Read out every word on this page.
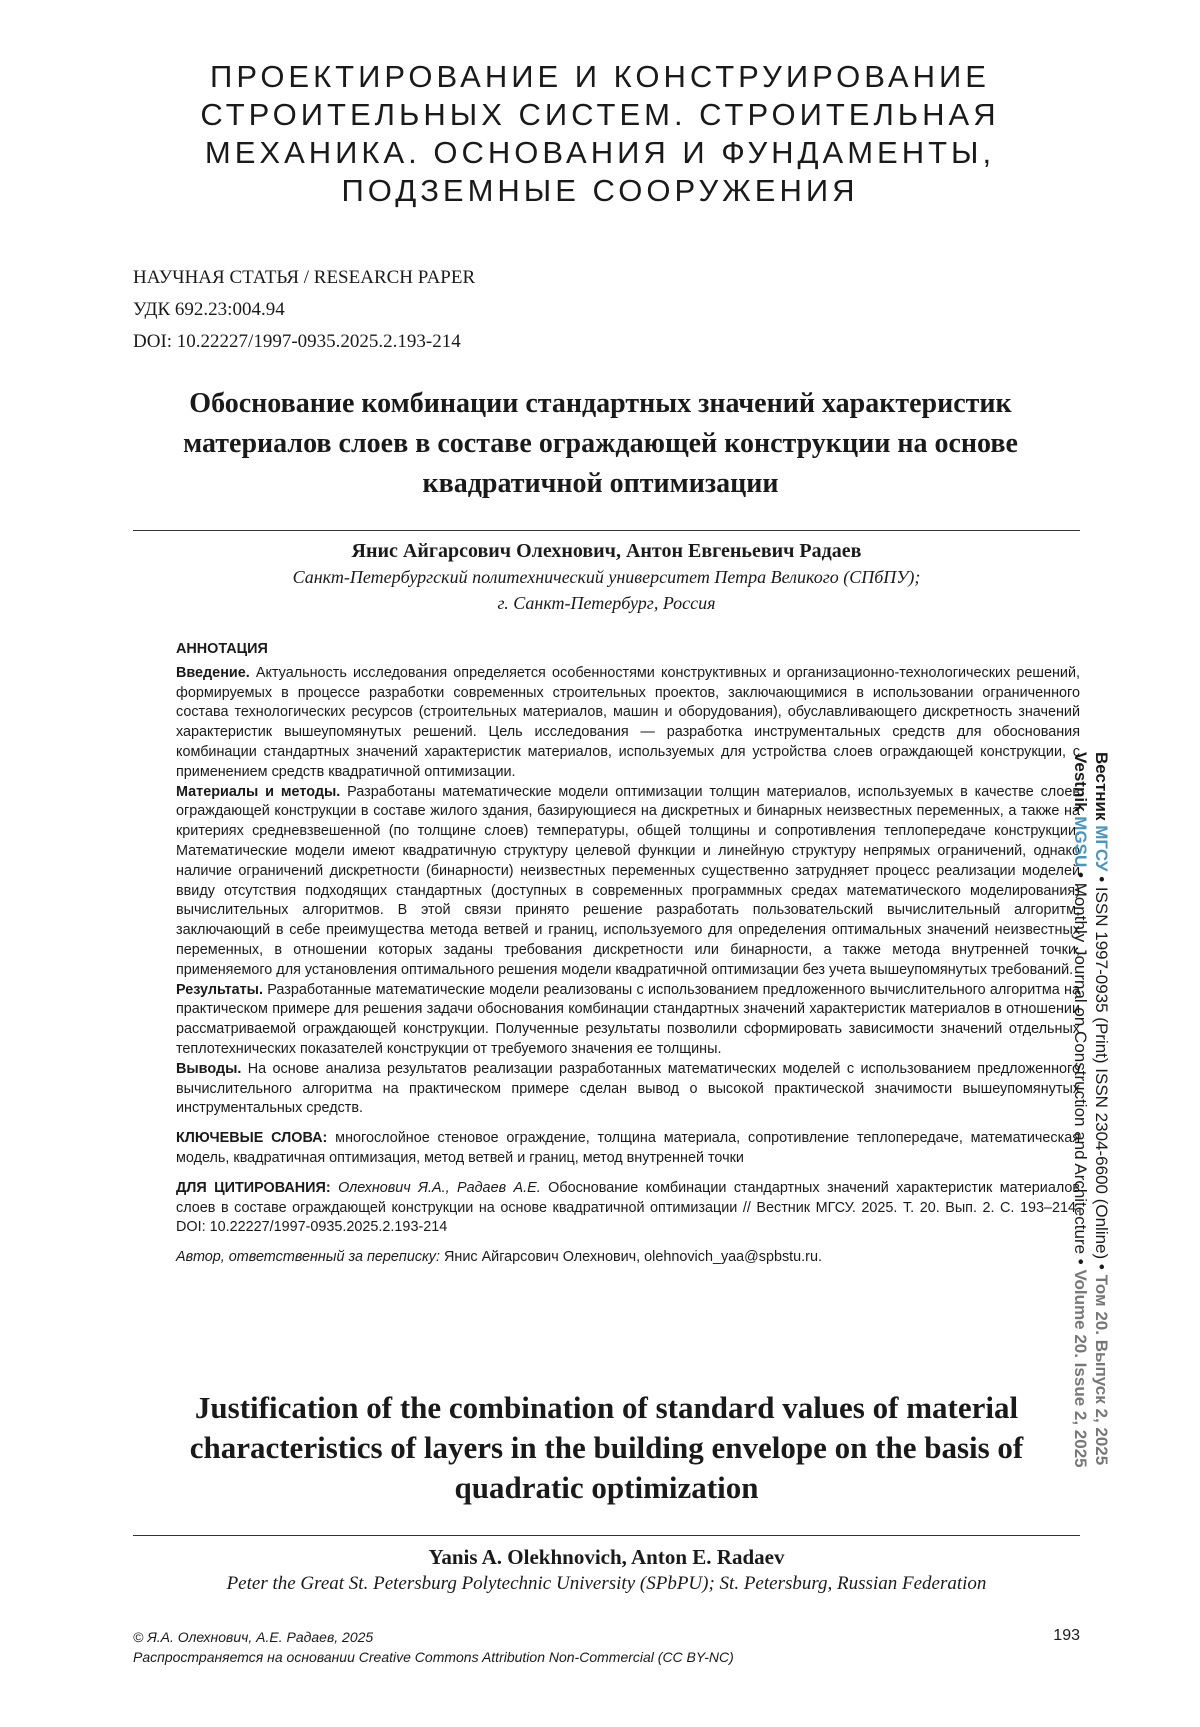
ПРОЕКТИРОВАНИЕ И КОНСТРУИРОВАНИЕ
СТРОИТЕЛЬНЫХ СИСТЕМ. СТРОИТЕЛЬНАЯ
МЕХАНИКА. ОСНОВАНИЯ И ФУНДАМЕНТЫ,
ПОДЗЕМНЫЕ СООРУЖЕНИЯ
НАУЧНАЯ СТАТЬЯ / RESEARCH PAPER
УДК 692.23:004.94
DOI: 10.22227/1997-0935.2025.2.193-214
Обоснование комбинации стандартных значений характеристик материалов слоев в составе ограждающей конструкции на основе квадратичной оптимизации
Янис Айгарсович Олехнович, Антон Евгеньевич Радаев
Санкт-Петербургский политехнический университет Петра Великого (СПбПУ);
г. Санкт-Петербург, Россия
АННОТАЦИЯ

Введение. Актуальность исследования определяется особенностями конструктивных и организационно-технологических решений, формируемых в процессе разработки современных строительных проектов, заключающимися в использовании ограниченного состава технологических ресурсов (строительных материалов, машин и оборудования), обуславливающего дискретность значений характеристик вышеупомянутых решений. Цель исследования — разработка инструментальных средств для обоснования комбинации стандартных значений характеристик материалов, используемых для устройства слоев ограждающей конструкции, с применением средств квадратичной оптимизации.

Материалы и методы. Разработаны математические модели оптимизации толщин материалов, используемых в качестве слоев ограждающей конструкции в составе жилого здания, базирующиеся на дискретных и бинарных неизвестных переменных, а также на критериях средневзвешенной (по толщине слоев) температуры, общей толщины и сопротивления теплопередаче конструкции. Математические модели имеют квадратичную структуру целевой функции и линейную структуру непрямых ограничений, однако наличие ограничений дискретности (бинарности) неизвестных переменных существенно затрудняет процесс реализации моделей ввиду отсутствия подходящих стандартных (доступных в современных программных средах математического моделирования) вычислительных алгоритмов. В этой связи принято решение разработать пользовательский вычислительный алгоритм, заключающий в себе преимущества метода ветвей и границ, используемого для определения оптимальных значений неизвестных переменных, в отношении которых заданы требования дискретности или бинарности, а также метода внутренней точки, применяемого для установления оптимального решения модели квадратичной оптимизации без учета вышеупомянутых требований.

Результаты. Разработанные математические модели реализованы с использованием предложенного вычислительного алгоритма на практическом примере для решения задачи обоснования комбинации стандартных значений характеристик материалов в отношении рассматриваемой ограждающей конструкции. Полученные результаты позволили сформировать зависимости значений отдельных теплотехнических показателей конструкции от требуемого значения ее толщины.

Выводы. На основе анализа результатов реализации разработанных математических моделей с использованием предложенного вычислительного алгоритма на практическом примере сделан вывод о высокой практической значимости вышеупомянутых инструментальных средств.

КЛЮЧЕВЫЕ СЛОВА: многослойное стеновое ограждение, толщина материала, сопротивление теплопередаче, математическая модель, квадратичная оптимизация, метод ветвей и границ, метод внутренней точки

ДЛЯ ЦИТИРОВАНИЯ: Олехнович Я.А., Радаев А.Е. Обоснование комбинации стандартных значений характеристик материалов слоев в составе ограждающей конструкции на основе квадратичной оптимизации // Вестник МГСУ. 2025. Т. 20. Вып. 2. С. 193–214. DOI: 10.22227/1997-0935.2025.2.193-214

Автор, ответственный за переписку: Янис Айгарсович Олехнович, olehnovich_yaa@spbstu.ru.

Justification of the combination of standard values of material characteristics of layers in the building envelope on the basis of quadratic optimization
Yanis A. Olekhnovich, Anton E. Radaev
Peter the Great St. Petersburg Polytechnic University (SPbPU); St. Petersburg, Russian Federation
© Я.А. Олехнович, А.Е. Радаев, 2025
Распространяется на основании Creative Commons Attribution Non-Commercial (CC BY-NC)
193
Вестник МГСУ • ISSN 1997-0935 (Print) ISSN 2304-6600 (Online) • Том 20. Выпуск 2, 2025
Vestnik MGSU • Monthly Journal on Construction and Architecture • Volume 20. Issue 2, 2025
